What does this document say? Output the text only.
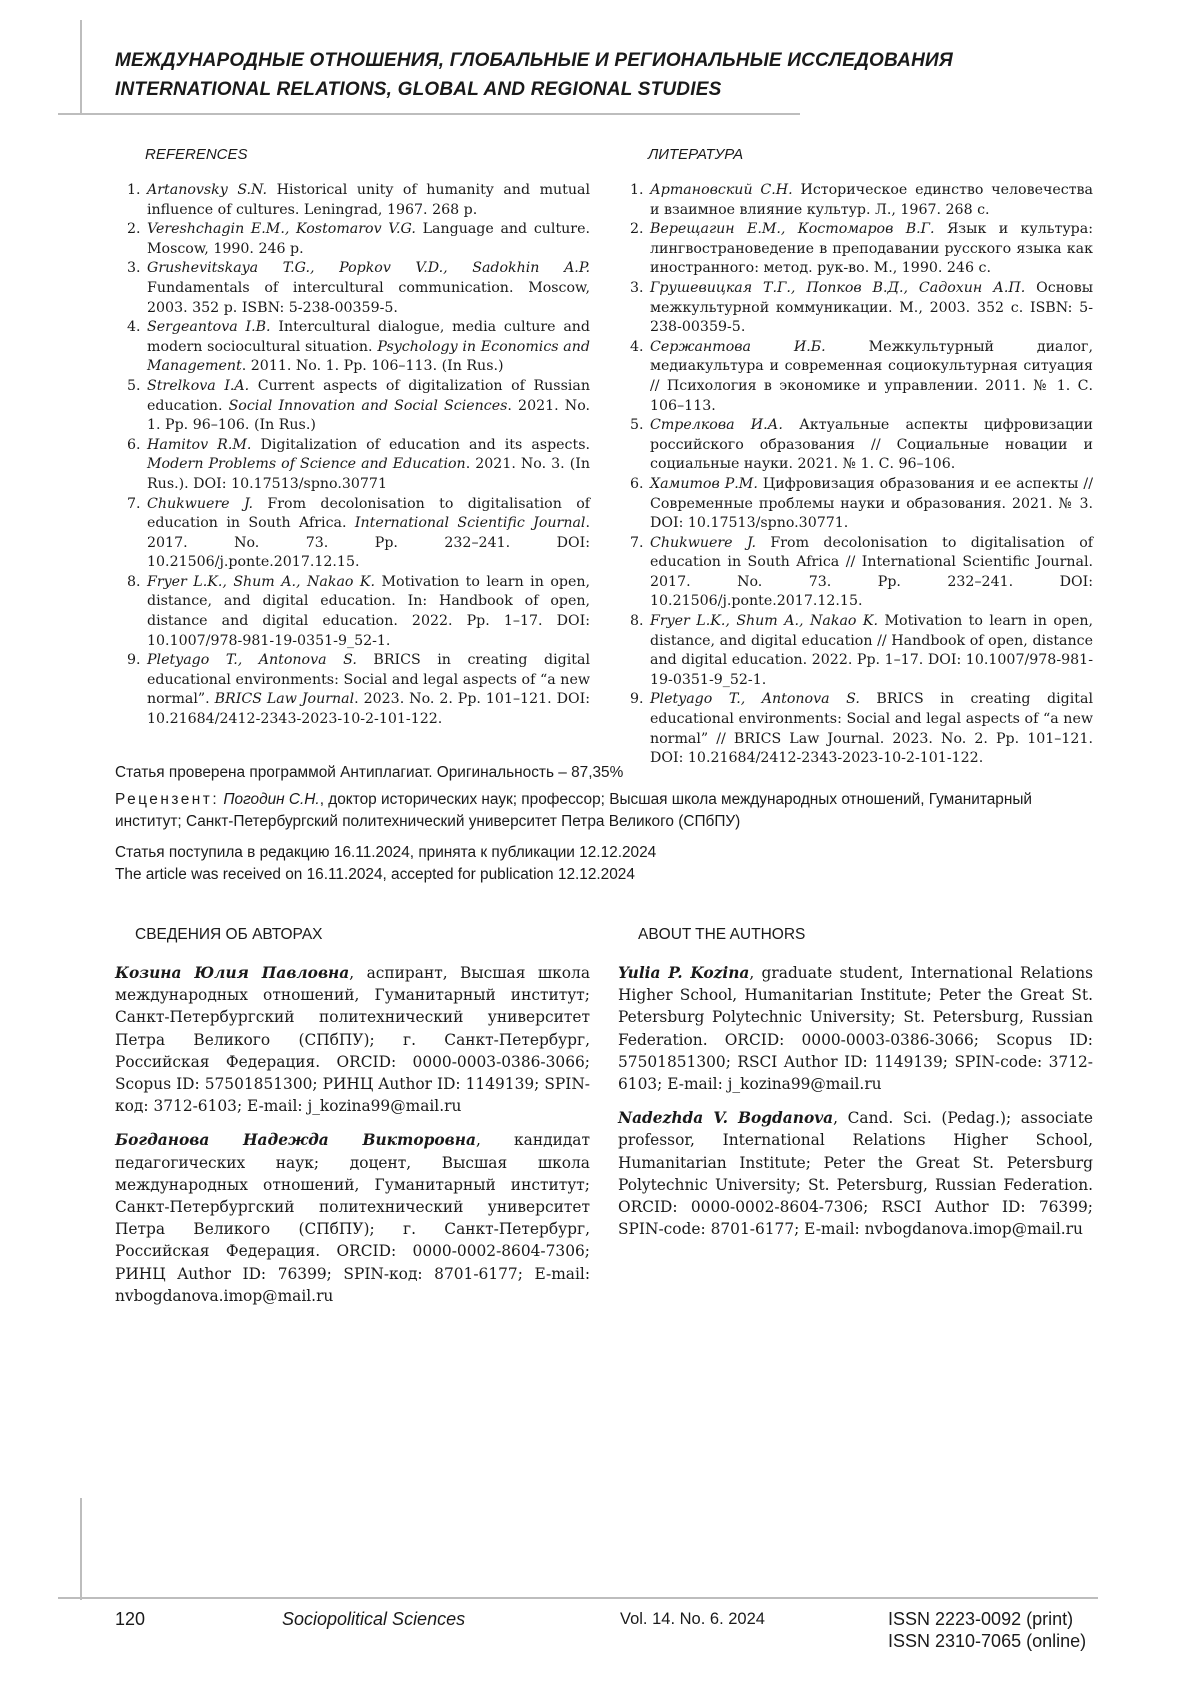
МЕЖДУНАРОДНЫЕ ОТНОШЕНИЯ, ГЛОБАЛЬНЫЕ И РЕГИОНАЛЬНЫЕ ИССЛЕДОВАНИЯ
INTERNATIONAL RELATIONS, GLOBAL AND REGIONAL STUDIES
REFERENCES
1. Artanovsky S.N. Historical unity of humanity and mutual influence of cultures. Leningrad, 1967. 268 p.
2. Vereshchagin E.M., Kostomarov V.G. Language and culture. Moscow, 1990. 246 p.
3. Grushevitskaya T.G., Popkov V.D., Sadokhin A.P. Fundamentals of intercultural communication. Moscow, 2003. 352 p. ISBN: 5-238-00359-5.
4. Sergeantova I.B. Intercultural dialogue, media culture and modern sociocultural situation. Psychology in Economics and Management. 2011. No. 1. Pp. 106–113. (In Rus.)
5. Strelkova I.A. Current aspects of digitalization of Russian education. Social Innovation and Social Sciences. 2021. No. 1. Pp. 96–106. (In Rus.)
6. Hamitov R.M. Digitalization of education and its aspects. Modern Problems of Science and Education. 2021. No. 3. (In Rus.). DOI: 10.17513/spno.30771
7. Chukwuere J. From decolonisation to digitalisation of education in South Africa. International Scientific Journal. 2017. No. 73. Pp. 232–241. DOI: 10.21506/j.ponte.2017.12.15.
8. Fryer L.K., Shum A., Nakao K. Motivation to learn in open, distance, and digital education. In: Handbook of open, distance and digital education. 2022. Pp. 1–17. DOI: 10.1007/978-981-19-0351-9_52-1.
9. Pletyago T., Antonova S. BRICS in creating digital educational environments: Social and legal aspects of “a new normal”. BRICS Law Journal. 2023. No. 2. Pp. 101–121. DOI: 10.21684/2412-2343-2023-10-2-101-122.
ЛИТЕРАТУРА
1. Артановский С.Н. Историческое единство человечества и взаимное влияние культур. Л., 1967. 268 с.
2. Верещагин Е.М., Костомаров В.Г. Язык и культура: лингвострановедение в преподавании русского языка как иностранного: метод. рук-во. М., 1990. 246 с.
3. Грушевицкая Т.Г., Попков В.Д., Садохин А.П. Основы межкультурной коммуникации. М., 2003. 352 с. ISBN: 5-238-00359-5.
4. Сержантова И.Б. Межкультурный диалог, медиакультура и современная социокультурная ситуация // Психология в экономике и управлении. 2011. № 1. С. 106–113.
5. Стрелкова И.А. Актуальные аспекты цифровизации российского образования // Социальные новации и социальные науки. 2021. № 1. С. 96–106.
6. Хамитов Р.М. Цифровизация образования и ее аспекты // Современные проблемы науки и образования. 2021. № 3. DOI: 10.17513/spno.30771.
7. Chukwuere J. From decolonisation to digitalisation of education in South Africa // International Scientific Journal. 2017. No. 73. Pp. 232–241. DOI: 10.21506/j.ponte.2017.12.15.
8. Fryer L.K., Shum A., Nakao K. Motivation to learn in open, distance, and digital education // Handbook of open, distance and digital education. 2022. Pp. 1–17. DOI: 10.1007/978-981-19-0351-9_52-1.
9. Pletyago T., Antonova S. BRICS in creating digital educational environments: Social and legal aspects of “a new normal” // BRICS Law Journal. 2023. No. 2. Pp. 101–121. DOI: 10.21684/2412-2343-2023-10-2-101-122.
Статья проверена программой Антиплагиат. Оригинальность – 87,35%
Рецензент: Погодин С.Н., доктор исторических наук; профессор; Высшая школа международных отношений, Гуманитарный институт; Санкт-Петербургский политехнический университет Петра Великого (СПбПУ)
Статья поступила в редакцию 16.11.2024, принята к публикации 12.12.2024
The article was received on 16.11.2024, accepted for publication 12.12.2024
СВЕДЕНИЯ ОБ АВТОРАХ

Козина Юлия Павловна, аспирант, Высшая школа международных отношений, Гуманитарный институт; Санкт-Петербургский политехнический университет Петра Великого (СПбПУ); г. Санкт-Петербург, Российская Федерация. ORCID: 0000-0003-0386-3066; Scopus ID: 57501851300; РИНЦ Author ID: 1149139; SPIN-код: 3712-6103; E-mail: j_kozina99@mail.ru

Богданова Надежда Викторовна, кандидат педагогических наук; доцент, Высшая школа международных отношений, Гуманитарный институт; Санкт-Петербургский политехнический университет Петра Великого (СПбПУ); г. Санкт-Петербург, Российская Федерация. ORCID: 0000-0002-8604-7306; РИНЦ Author ID: 76399; SPIN-код: 8701-6177; E-mail: nvbogdanova.imop@mail.ru

ABOUT THE AUTHORS

Yulia P. Kozina, graduate student, International Relations Higher School, Humanitarian Institute; Peter the Great St. Petersburg Polytechnic University; St. Petersburg, Russian Federation. ORCID: 0000-0003-0386-3066; Scopus ID: 57501851300; RSCI Author ID: 1149139; SPIN-code: 3712-6103; E-mail: j_kozina99@mail.ru

Nadezhda V. Bogdanova, Cand. Sci. (Pedag.); associate professor, International Relations Higher School, Humanitarian Institute; Peter the Great St. Petersburg Polytechnic University; St. Petersburg, Russian Federation. ORCID: 0000-0002-8604-7306; RSCI Author ID: 76399; SPIN-code: 8701-6177; E-mail: nvbogdanova.imop@mail.ru

120	Sociopolitical Sciences	Vol. 14. No. 6. 2024	ISSN 2223-0092 (print)
ISSN 2310-7065 (online)
